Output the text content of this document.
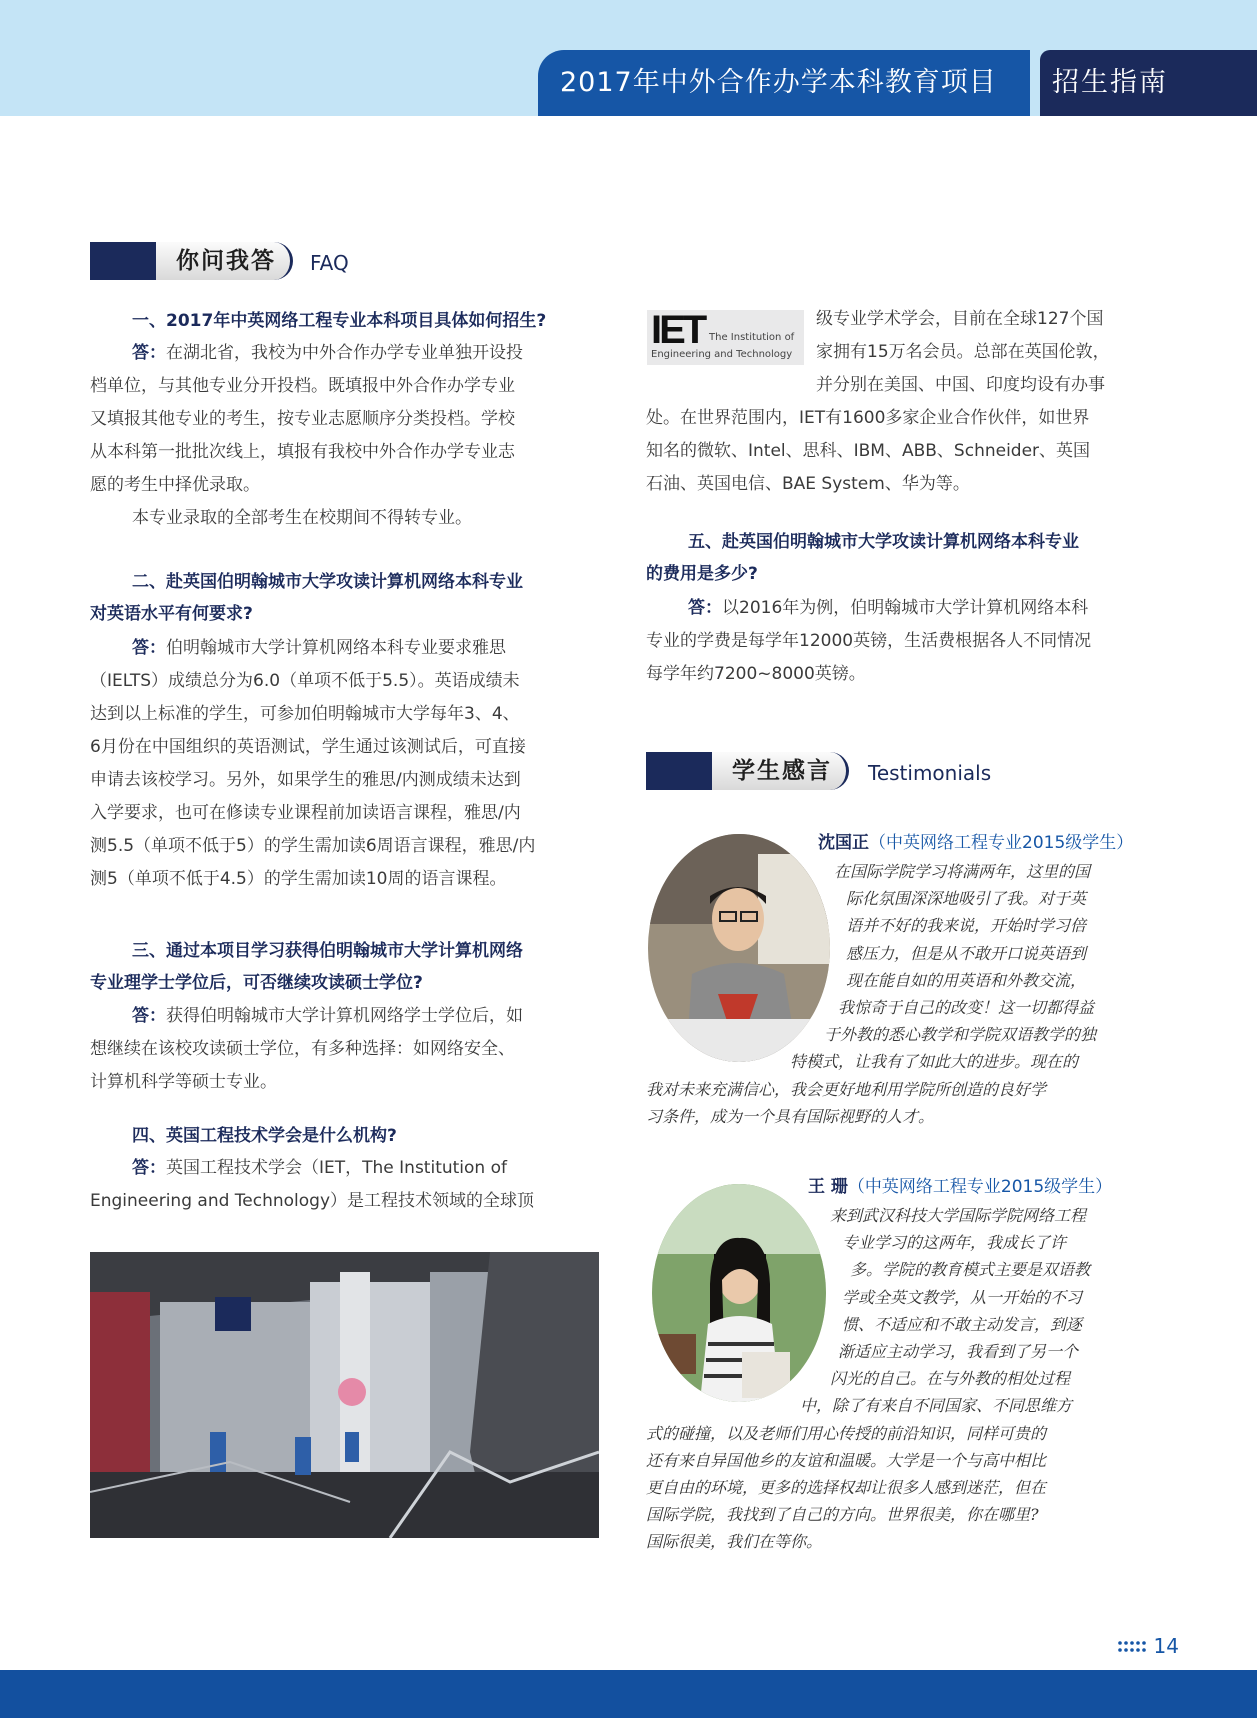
2017年中外合作办学本科教育项目	招生指南
你问我答	FAQ
一、2017年中英网络工程专业本科项目具体如何招生?
答：在湖北省，我校为中外合作办学专业单独开设投
档单位，与其他专业分开投档。既填报中外合作办学专业
又填报其他专业的考生，按专业志愿顺序分类投档。学校
从本科第一批批次线上，填报有我校中外合作办学专业志
愿的考生中择优录取。
本专业录取的全部考生在校期间不得转专业。
二、赴英国伯明翰城市大学攻读计算机网络本科专业
对英语水平有何要求?
答：伯明翰城市大学计算机网络本科专业要求雅思
（IELTS）成绩总分为6.0（单项不低于5.5）。英语成绩未
达到以上标准的学生，可参加伯明翰城市大学每年3、4、
6月份在中国组织的英语测试，学生通过该测试后，可直接
申请去该校学习。另外，如果学生的雅思/内测成绩未达到
入学要求，也可在修读专业课程前加读语言课程，雅思/内
测5.5（单项不低于5）的学生需加读6周语言课程，雅思/内
测5（单项不低于4.5）的学生需加读10周的语言课程。
三、通过本项目学习获得伯明翰城市大学计算机网络
专业理学士学位后，可否继续攻读硕士学位?
答：获得伯明翰城市大学计算机网络学士学位后，如
想继续在该校攻读硕士学位，有多种选择：如网络安全、
计算机科学等硕士专业。
四、英国工程技术学会是什么机构?
答：英国工程技术学会（IET，The Institution of
Engineering and Technology）是工程技术领域的全球顶
IET The Institution of
Engineering and Technology
级专业学术学会，目前在全球127个国
家拥有15万名会员。总部在英国伦敦，
并分别在美国、中国、印度均设有办事
处。在世界范围内，IET有1600多家企业合作伙伴，如世界
知名的微软、Intel、思科、IBM、ABB、Schneider、英国
石油、英国电信、BAE System、华为等。
五、赴英国伯明翰城市大学攻读计算机网络本科专业
的费用是多少?
答：以2016年为例，伯明翰城市大学计算机网络本科
专业的学费是每学年12000英镑，生活费根据各人不同情况
每学年约7200~8000英镑。
学生感言	Testimonials
沈国正（中英网络工程专业2015级学生）
在国际学院学习将满两年，这里的国
际化氛围深深地吸引了我。对于英
语并不好的我来说，开始时学习倍
感压力，但是从不敢开口说英语到
现在能自如的用英语和外教交流，
我惊奇于自己的改变！这一切都得益
于外教的悉心教学和学院双语教学的独
特模式，让我有了如此大的进步。现在的
我对未来充满信心，我会更好地利用学院所创造的良好学
习条件，成为一个具有国际视野的人才。
王 珊（中英网络工程专业2015级学生）
来到武汉科技大学国际学院网络工程
专业学习的这两年，我成长了许
多。学院的教育模式主要是双语教
学或全英文教学，从一开始的不习
惯、不适应和不敢主动发言，到逐
渐适应主动学习，我看到了另一个
闪光的自己。在与外教的相处过程
中，除了有来自不同国家、不同思维方
式的碰撞，以及老师们用心传授的前沿知识，同样可贵的
还有来自异国他乡的友谊和温暖。大学是一个与高中相比
更自由的环境，更多的选择权却让很多人感到迷茫，但在
国际学院，我找到了自己的方向。世界很美，你在哪里?
国际很美，我们在等你。
14
